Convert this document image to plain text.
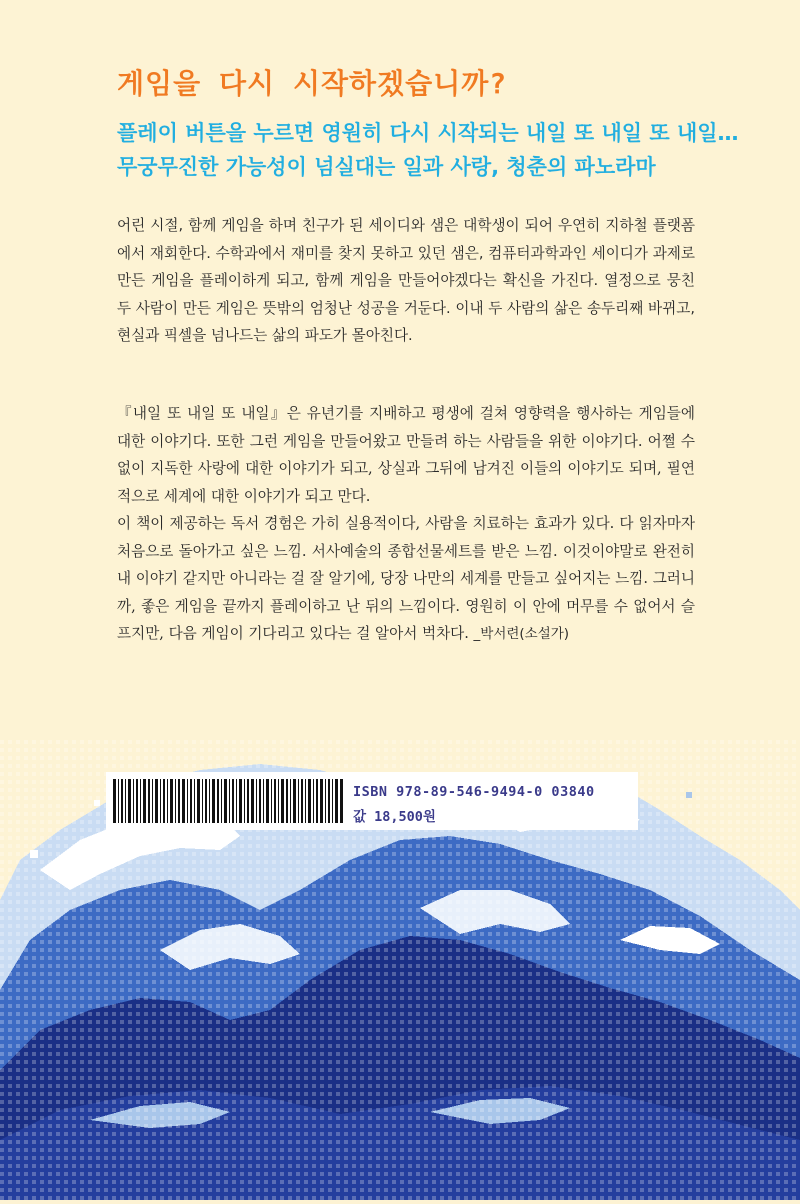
게임을 다시 시작하겠습니까?

플레이 버튼을 누르면 영원히 다시 시작되는 내일 또 내일 또 내일…

무궁무진한 가능성이 넘실대는 일과 사랑, 청춘의 파노라마

어린 시절, 함께 게임을 하며 친구가 된 세이디와 샘은 대학생이 되어 우연히 지하철 플랫폼에서 재회한다. 수학과에서 재미를 찾지 못하고 있던 샘은, 컴퓨터과학과인 세이디가 과제로 만든 게임을 플레이하게 되고, 함께 게임을 만들어야겠다는 확신을 가진다. 열정으로 뭉친 두 사람이 만든 게임은 뜻밖의 엄청난 성공을 거둔다. 이내 두 사람의 삶은 송두리째 바뀌고, 현실과 픽셀을 넘나드는 삶의 파도가 몰아친다.

『내일 또 내일 또 내일』은 유년기를 지배하고 평생에 걸쳐 영향력을 행사하는 게임들에 대한 이야기다. 또한 그런 게임을 만들어왔고 만들려 하는 사람들을 위한 이야기다. 어쩔 수 없이 지독한 사랑에 대한 이야기가 되고, 상실과 그뒤에 남겨진 이들의 이야기도 되며, 필연적으로 세계에 대한 이야기가 되고 만다.
이 책이 제공하는 독서 경험은 가히 실용적이다, 사람을 치료하는 효과가 있다. 다 읽자마자 처음으로 돌아가고 싶은 느낌. 서사예술의 종합선물세트를 받은 느낌. 이것이야말로 완전히 내 이야기 같지만 아니라는 걸 잘 알기에, 당장 나만의 세계를 만들고 싶어지는 느낌. 그러니까, 좋은 게임을 끝까지 플레이하고 난 뒤의 느낌이다. 영원히 이 안에 머무를 수 없어서 슬프지만, 다음 게임이 기다리고 있다는 걸 알아서 벅차다. _박서련(소설가)

ISBN 978-89-546-9494-0 03840

값 18,500원
